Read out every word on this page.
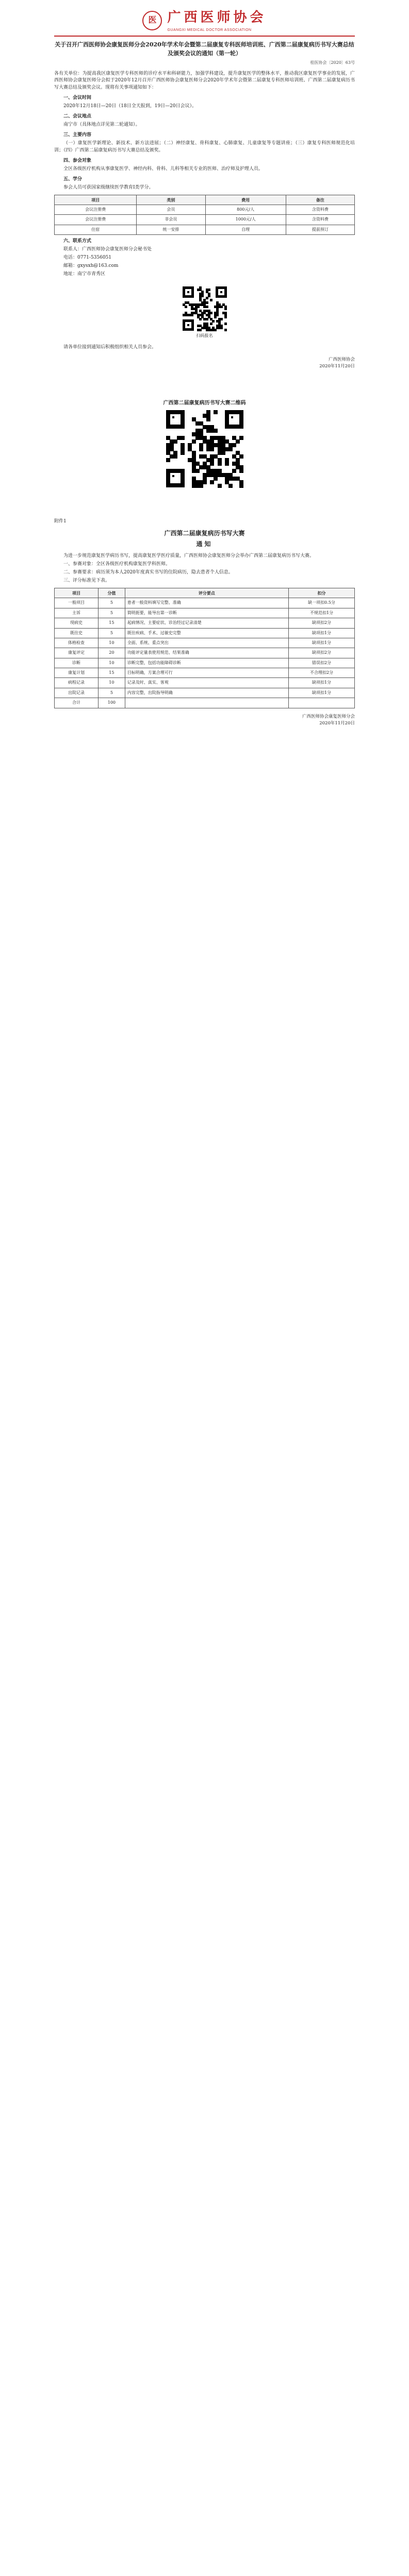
医 广西医师协会
GUANGXI MEDICAL DOCTOR ASSOCIATION
关于召开广西医师协会康复医师分会2020年学术年会暨第二届康复专科医师培训班、广西第二届康复病历书写大赛总结及颁奖会议的通知（第一轮）
桂医协会〔2020〕63号

各有关单位：为提高我区康复医学专科医师的诊疗水平和科研能力，加强学科建设，提升康复医学的整体水平，推动我区康复医学事业的发展，广西医师协会康复医师分会拟于2020年12月召开广西医师协会康复医师分会2020年学术年会暨第二届康复专科医师培训班、广西第二届康复病历书写大赛总结及颁奖会议。现将有关事项通知如下：

一、会议时间

2020年12月18日—20日（18日全天报到，19日—20日会议）。

二、会议地点

南宁市（具体地点详见第二轮通知）。

三、主要内容

（一）康复医学新理论、新技术、新方法进展；（二）神经康复、骨科康复、心肺康复、儿童康复等专题讲座；（三）康复专科医师规范化培训；（四）广西第二届康复病历书写大赛总结及颁奖。

四、参会对象

全区各级医疗机构从事康复医学、神经内科、骨科、儿科等相关专业的医师、治疗师及护理人员。

五、学分

参会人员可获国家级继续医学教育Ⅰ类学分。

项目	类别	费用	备注
会议注册费	会员	800元/人	含资料费
会议注册费	非会员	1000元/人	含资料费
住宿	统一安排	自理	提前预订
六、联系方式

联系人：广西医师协会康复医师分会秘书处

电话：0771-5356051

邮箱：gxysxh@163.com

地址：南宁市青秀区

扫码报名

请各单位接到通知后积极组织相关人员参会。

广西医师协会
2020年11月20日
广西第二届康复病历书写大赛二维码

附件1

广西第二届康复病历书写大赛
通知

为进一步规范康复医学病历书写，提高康复医学医疗质量，广西医师协会康复医师分会举办广西第二届康复病历书写大赛。

一、参赛对象：全区各级医疗机构康复医学科医师。

二、参赛要求：病历须为本人2020年度真实书写的住院病历，隐去患者个人信息。

三、评分标准见下表。

项目	分值	评分要点	扣分
一般项目	5	患者一般资料填写完整、准确	缺一项扣0.5分
主诉	5	简明扼要，能导出第一诊断	不规范扣1分
现病史	15	起病情况、主要症状、诊治经过记录清楚	缺项扣2分
既往史	5	既往疾病、手术、过敏史完整	缺项扣1分
体格检查	10	全面、系统、重点突出	缺项扣1分
康复评定	20	功能评定量表使用规范、结果准确	缺项扣2分
诊断	10	诊断完整，包括功能障碍诊断	错误扣2分
康复计划	15	目标明确，方案合理可行	不合理扣2分
病程记录	10	记录及时、真实、客观	缺项扣1分
出院记录	5	内容完整，出院指导明确	缺项扣1分
合计	100		
广西医师协会康复医师分会
2020年11月20日
